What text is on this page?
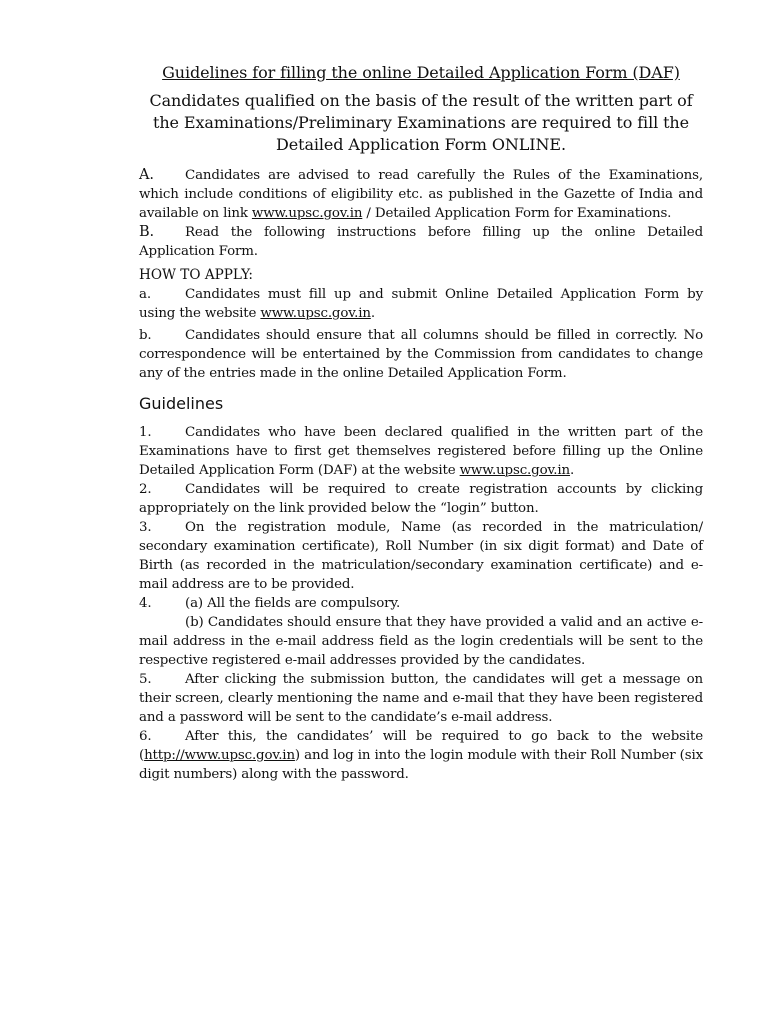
Guidelines for filling the online Detailed Application Form (DAF)

Candidates qualified on the basis of the result of the written part of the Examinations/Preliminary Examinations are required to fill the Detailed Application Form ONLINE.

A. Candidates are advised to read carefully the Rules of the Examinations, which include conditions of eligibility etc. as published in the Gazette of India and available on link www.upsc.gov.in / Detailed Application Form for Examinations.

B. Read the following instructions before filling up the online Detailed Application Form.

HOW TO APPLY:

a.	Candidates must fill up and submit Online Detailed Application Form by using the website www.upsc.gov.in.

b. Candidates should ensure that all columns should be filled in correctly. No correspondence will be entertained by the Commission from candidates to change any of the entries made in the online Detailed Application Form.

Guidelines

1.	Candidates who have been declared qualified in the written part of the Examinations have to first get themselves registered before filling up the Online Detailed Application Form (DAF) at the website www.upsc.gov.in.

2.	Candidates will be required to create registration accounts by clicking appropriately on the link provided below the “login” button.

3.	On the registration module, Name (as recorded in the matriculation/ secondary examination certificate), Roll Number (in six digit format) and Date of Birth (as recorded in the matriculation/secondary examination certificate) and e-mail address are to be provided.

4.	(a) All the fields are compulsory.

(b) Candidates should ensure that they have provided a valid and an active e-mail address in the e-mail address field as the login credentials will be sent to the respective registered e-mail addresses provided by the candidates.

5.	After clicking the submission button, the candidates will get a message on their screen, clearly mentioning the name and e-mail that they have been registered and a password will be sent to the candidate’s e-mail address.

6.	After this, the candidates’ will be required to go back to the website (http://www.upsc.gov.in) and log in into the login module with their Roll Number (six digit numbers) along with the password.
